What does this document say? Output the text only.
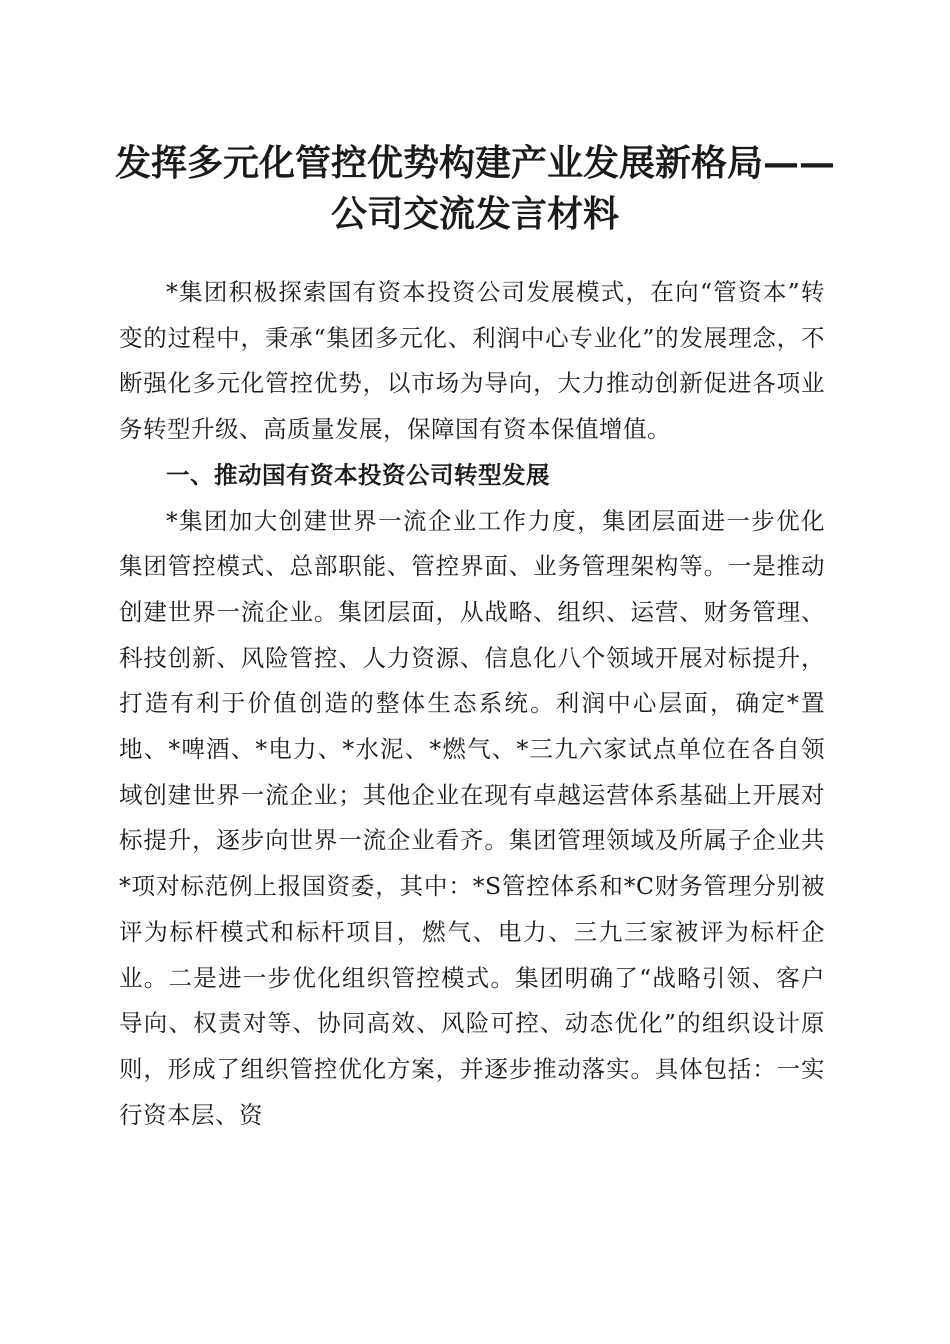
发挥多元化管控优势构建产业发展新格局——
公司交流发言材料

*集团积极探索国有资本投资公司发展模式，在向“管资本”转变的过程中，秉承“集团多元化、利润中心专业化”的发展理念，不断强化多元化管控优势，以市场为导向，大力推动创新促进各项业务转型升级、高质量发展，保障国有资本保值增值。

一、推动国有资本投资公司转型发展

*集团加大创建世界一流企业工作力度，集团层面进一步优化集团管控模式、总部职能、管控界面、业务管理架构等。一是推动创建世界一流企业。集团层面，从战略、组织、运营、财务管理、科技创新、风险管控、人力资源、信息化八个领域开展对标提升，打造有利于价值创造的整体生态系统。利润中心层面，确定*置地、*啤酒、*电力、*水泥、*燃气、*三九六家试点单位在各自领域创建世界一流企业；其他企业在现有卓越运营体系基础上开展对标提升，逐步向世界一流企业看齐。集团管理领域及所属子企业共*项对标范例上报国资委，其中：*S管控体系和*C财务管理分别被评为标杆模式和标杆项目，燃气、电力、三九三家被评为标杆企业。二是进一步优化组织管控模式。集团明确了“战略引领、客户导向、权责对等、协同高效、风险可控、动态优化”的组织设计原则，形成了组织管控优化方案，并逐步推动落实。具体包括：一实行资本层、资
